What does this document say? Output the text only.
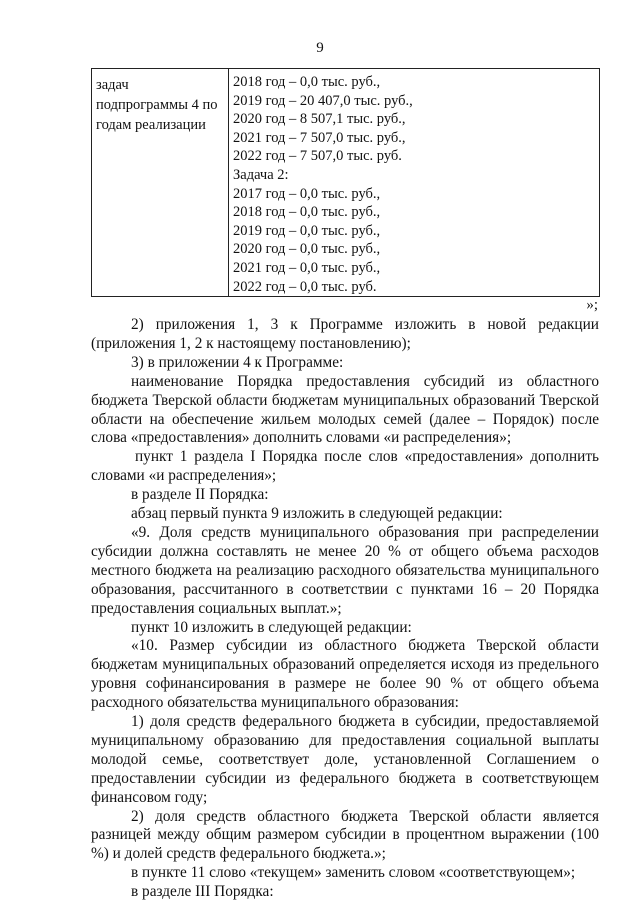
9
задач
подпрограммы 4 по
годам реализации
2018 год – 0,0 тыс. руб.,
2019 год – 20 407,0 тыс. руб.,
2020 год – 8 507,1 тыс. руб.,
2021 год – 7 507,0 тыс. руб.,
2022 год – 7 507,0 тыс. руб.
Задача 2:
2017 год – 0,0 тыс. руб.,
2018 год – 0,0 тыс. руб.,
2019 год – 0,0 тыс. руб.,
2020 год – 0,0 тыс. руб.,
2021 год – 0,0 тыс. руб.,
2022 год – 0,0 тыс. руб.
»;

2) приложения 1, 3 к Программе изложить в новой редакции (приложения 1, 2 к настоящему постановлению);

3) в приложении 4 к Программе:

наименование Порядка предоставления субсидий из областного бюджета Тверской области бюджетам муниципальных образований Тверской области на обеспечение жильем молодых семей (далее – Порядок) после слова «предоставления» дополнить словами «и распределения»;

пункт 1 раздела I Порядка после слов «предоставления» дополнить словами «и распределения»;

в разделе II Порядка:

абзац первый пункта 9 изложить в следующей редакции:

«9. Доля средств муниципального образования при распределении субсидии должна составлять не менее 20 % от общего объема расходов местного бюджета на реализацию расходного обязательства муниципального образования, рассчитанного в соответствии с пунктами 16 – 20 Порядка предоставления социальных выплат.»;

пункт 10 изложить в следующей редакции:

«10. Размер субсидии из областного бюджета Тверской области бюджетам муниципальных образований определяется исходя из предельного уровня софинансирования в размере не более 90 % от общего объема расходного обязательства муниципального образования:

1) доля средств федерального бюджета в субсидии, предоставляемой муниципальному образованию для предоставления социальной выплаты молодой семье, соответствует доле, установленной Соглашением о предоставлении субсидии из федерального бюджета в соответствующем финансовом году;

2) доля средств областного бюджета Тверской области является разницей между общим размером субсидии в процентном выражении (100 %) и долей средств федерального бюджета.»;

в пункте 11 слово «текущем» заменить словом «соответствующем»;

в разделе III Порядка:
